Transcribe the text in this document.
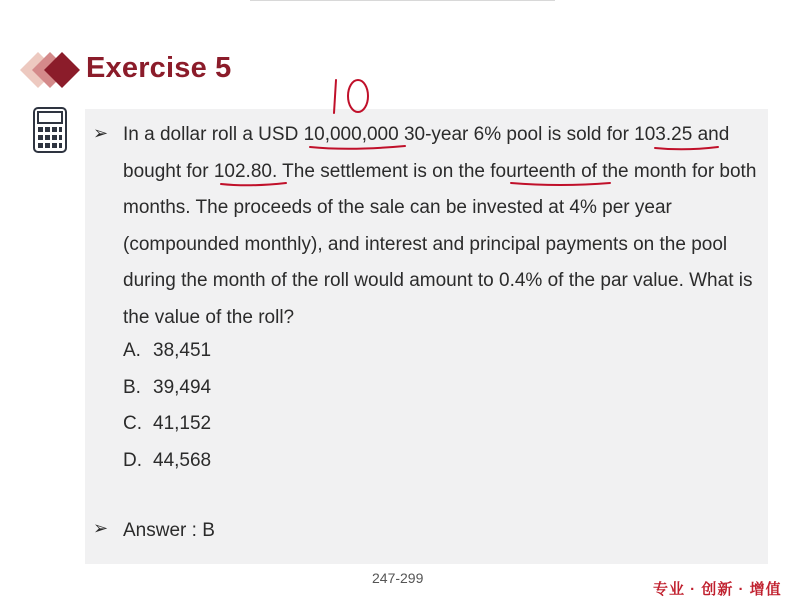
Exercise 5
➢ In a dollar roll a USD 10,000,000 30-year 6% pool is sold for 103.25 and bought for 102.80. The settlement is on the fourteenth of the month for both months. The proceeds of the sale can be invested at 4% per year (compounded monthly), and interest and principal payments on the pool during the month of the roll would amount to 0.4% of the par value. What is the value of the roll?
A. 38,451
B. 39,494
C. 41,152
D. 44,568
➢ Answer : B
247-299
专业 · 创新 · 增值
